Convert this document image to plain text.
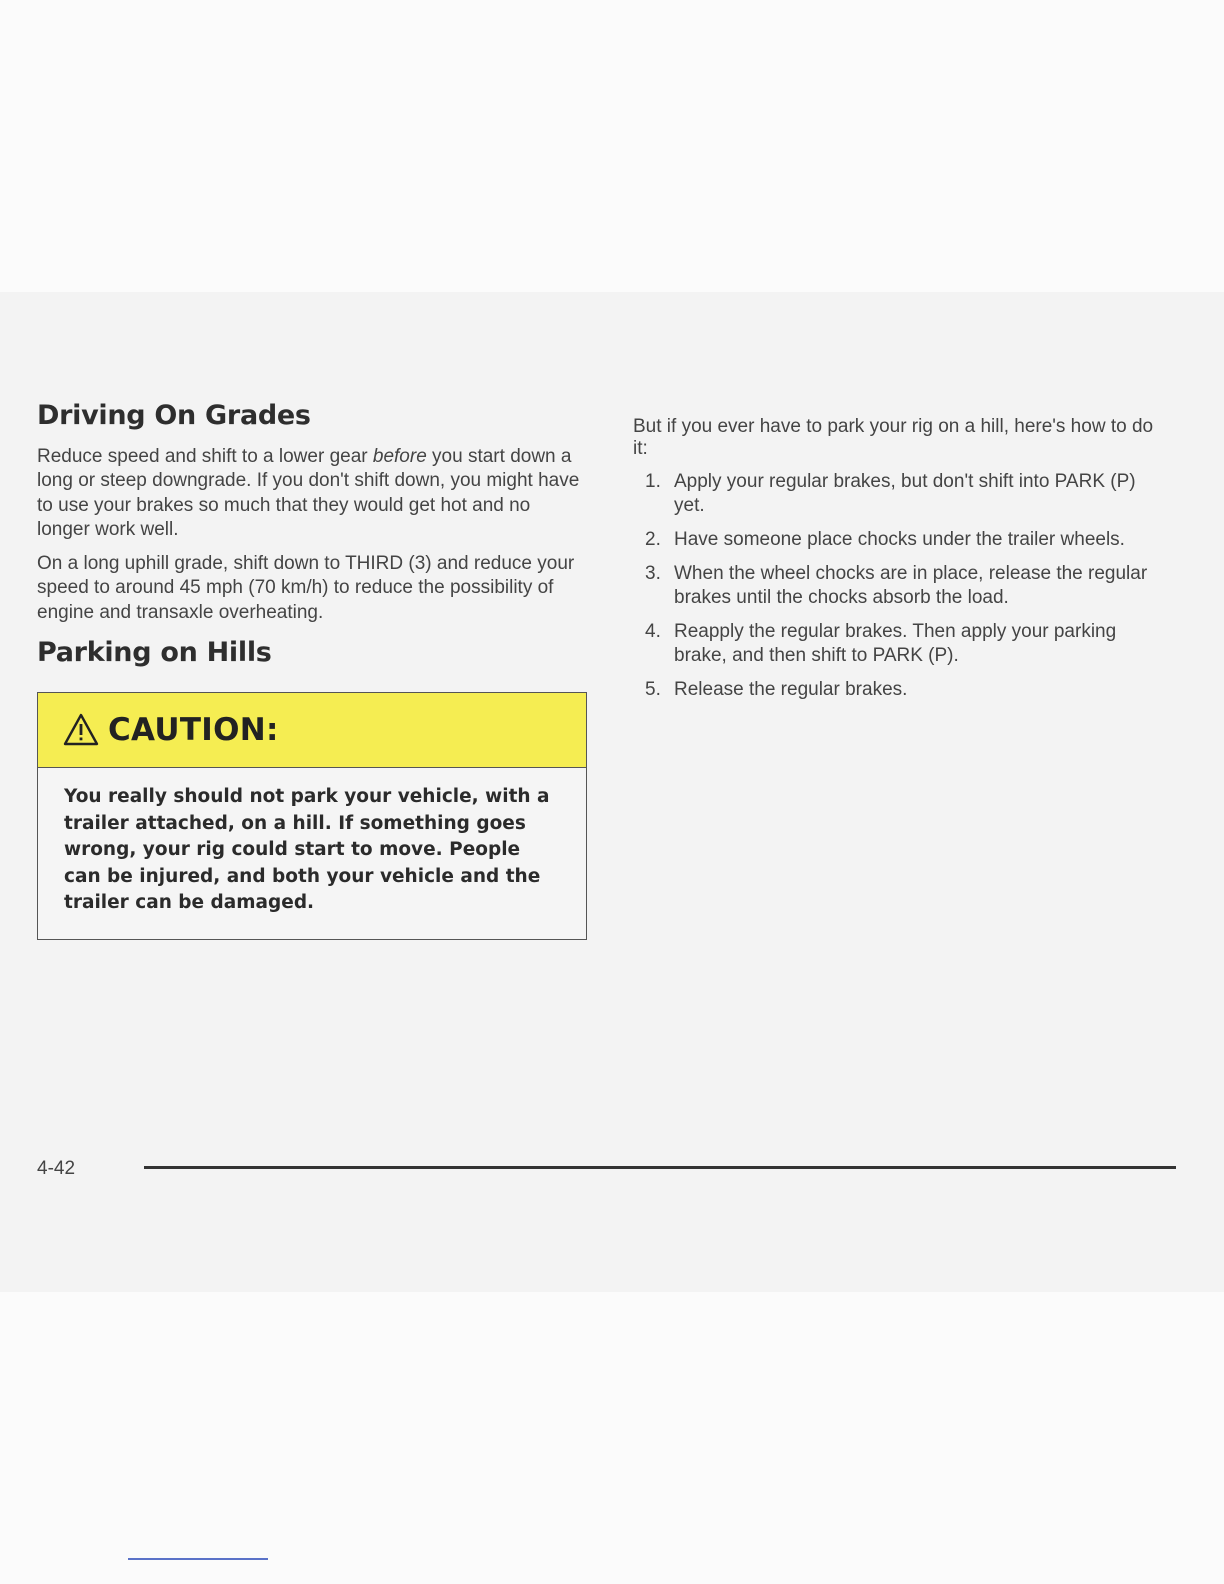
Driving On Grades

Reduce speed and shift to a lower gear before you start down a long or steep downgrade. If you don't shift down, you might have to use your brakes so much that they would get hot and no longer work well.

On a long uphill grade, shift down to THIRD (3) and reduce your speed to around 45 mph (70 km/h) to reduce the possibility of engine and transaxle overheating.

Parking on Hills
CAUTION:
You really should not park your vehicle, with a trailer attached, on a hill. If something goes wrong, your rig could start to move. People can be injured, and both your vehicle and the trailer can be damaged.

But if you ever have to park your rig on a hill, here's how to do it:

1. Apply your regular brakes, but don't shift into PARK (P) yet.
2. Have someone place chocks under the trailer wheels.
3. When the wheel chocks are in place, release the regular brakes until the chocks absorb the load.
4. Reapply the regular brakes. Then apply your parking brake, and then shift to PARK (P).
5. Release the regular brakes.
4-42
